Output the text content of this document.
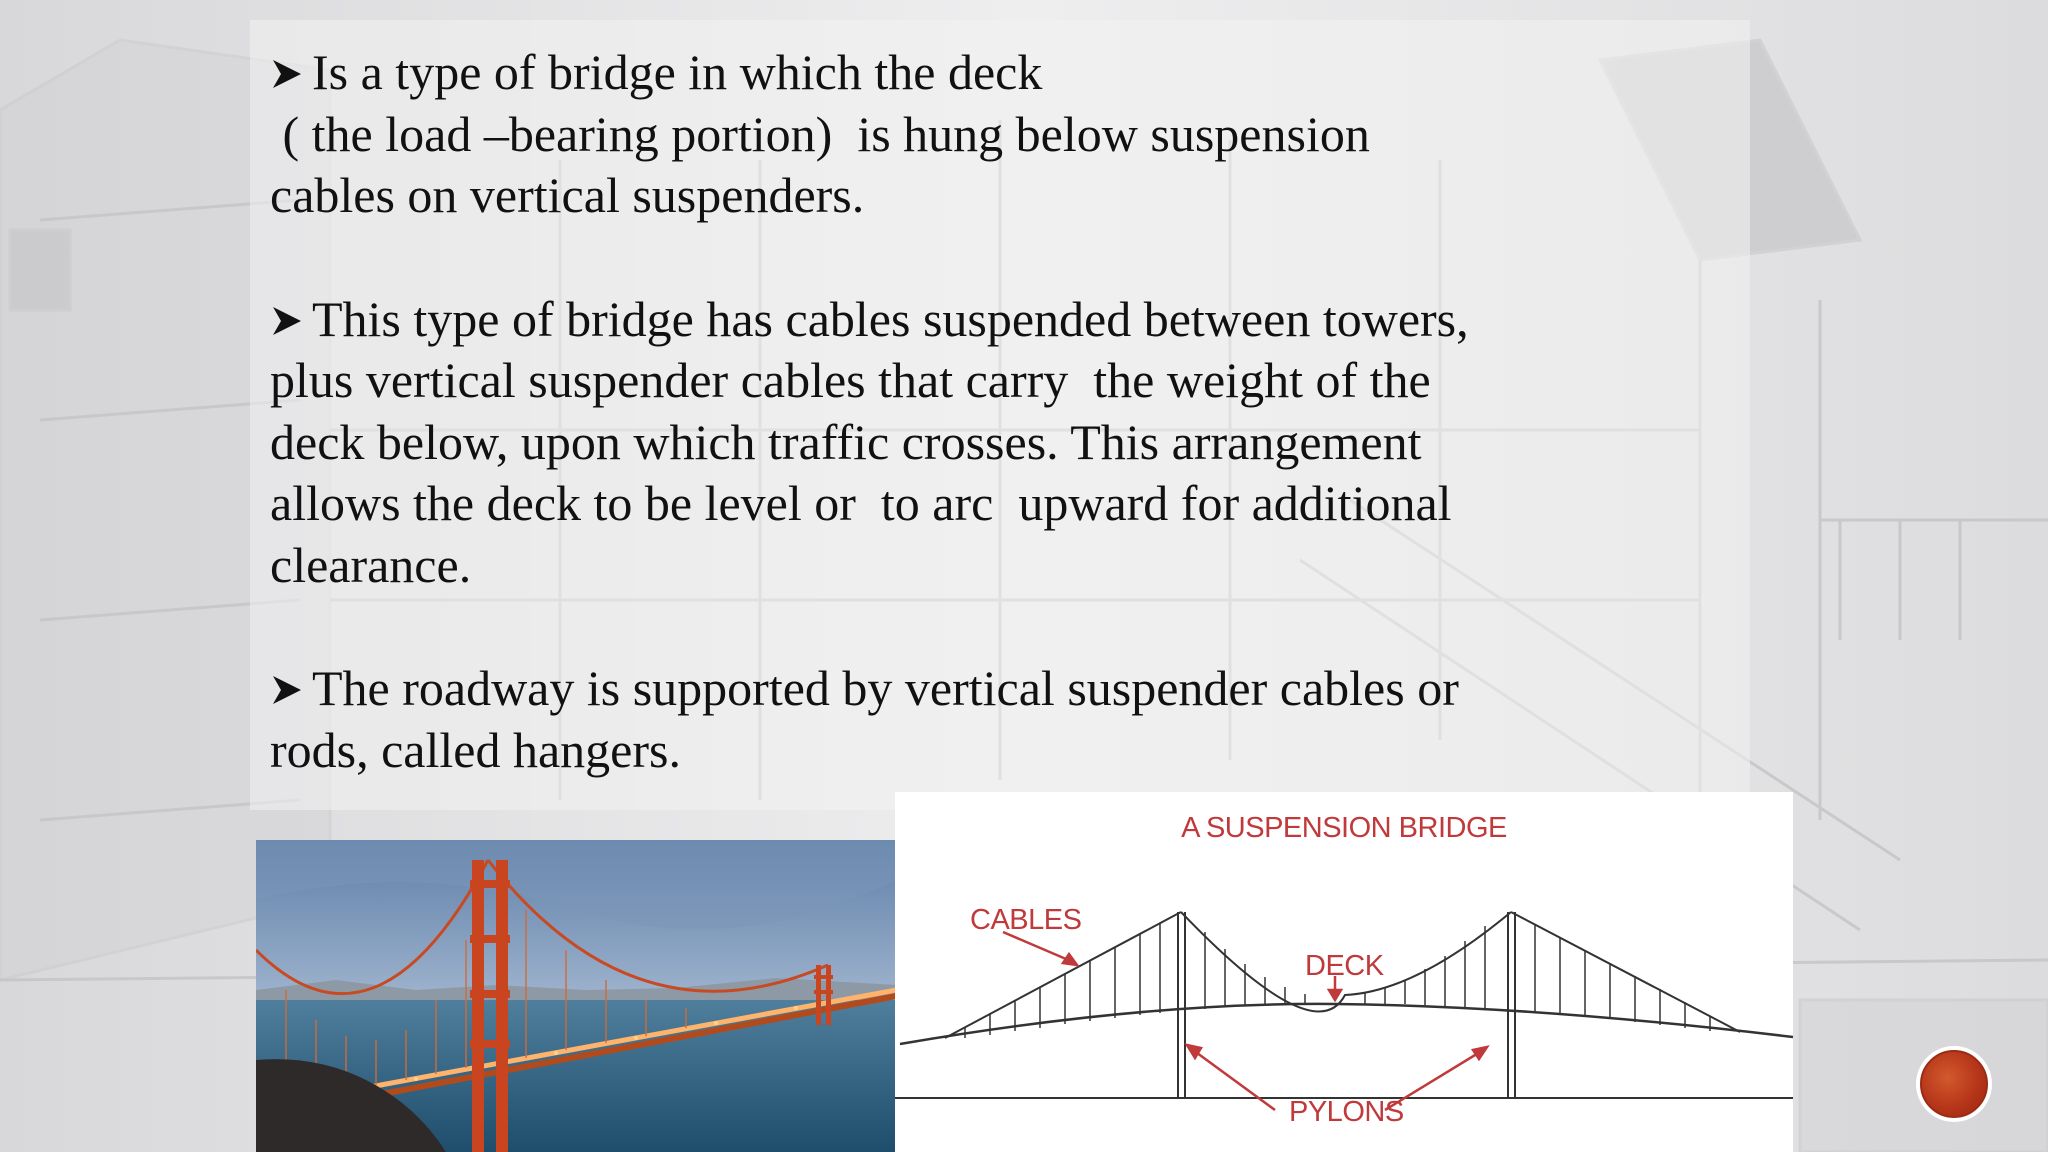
Is a type of bridge in which the deck
( the load –bearing portion)  is hung below suspension
cables on vertical suspenders.
This type of bridge has cables suspended between towers,
plus vertical suspender cables that carry  the weight of the
deck below, upon which traffic crosses. This arrangement
allows the deck to be level or  to arc  upward for additional
clearance.
The roadway is supported by vertical suspender cables or
rods, called hangers.
A SUSPENSION BRIDGE
CABLES
DECK
PYLONS
